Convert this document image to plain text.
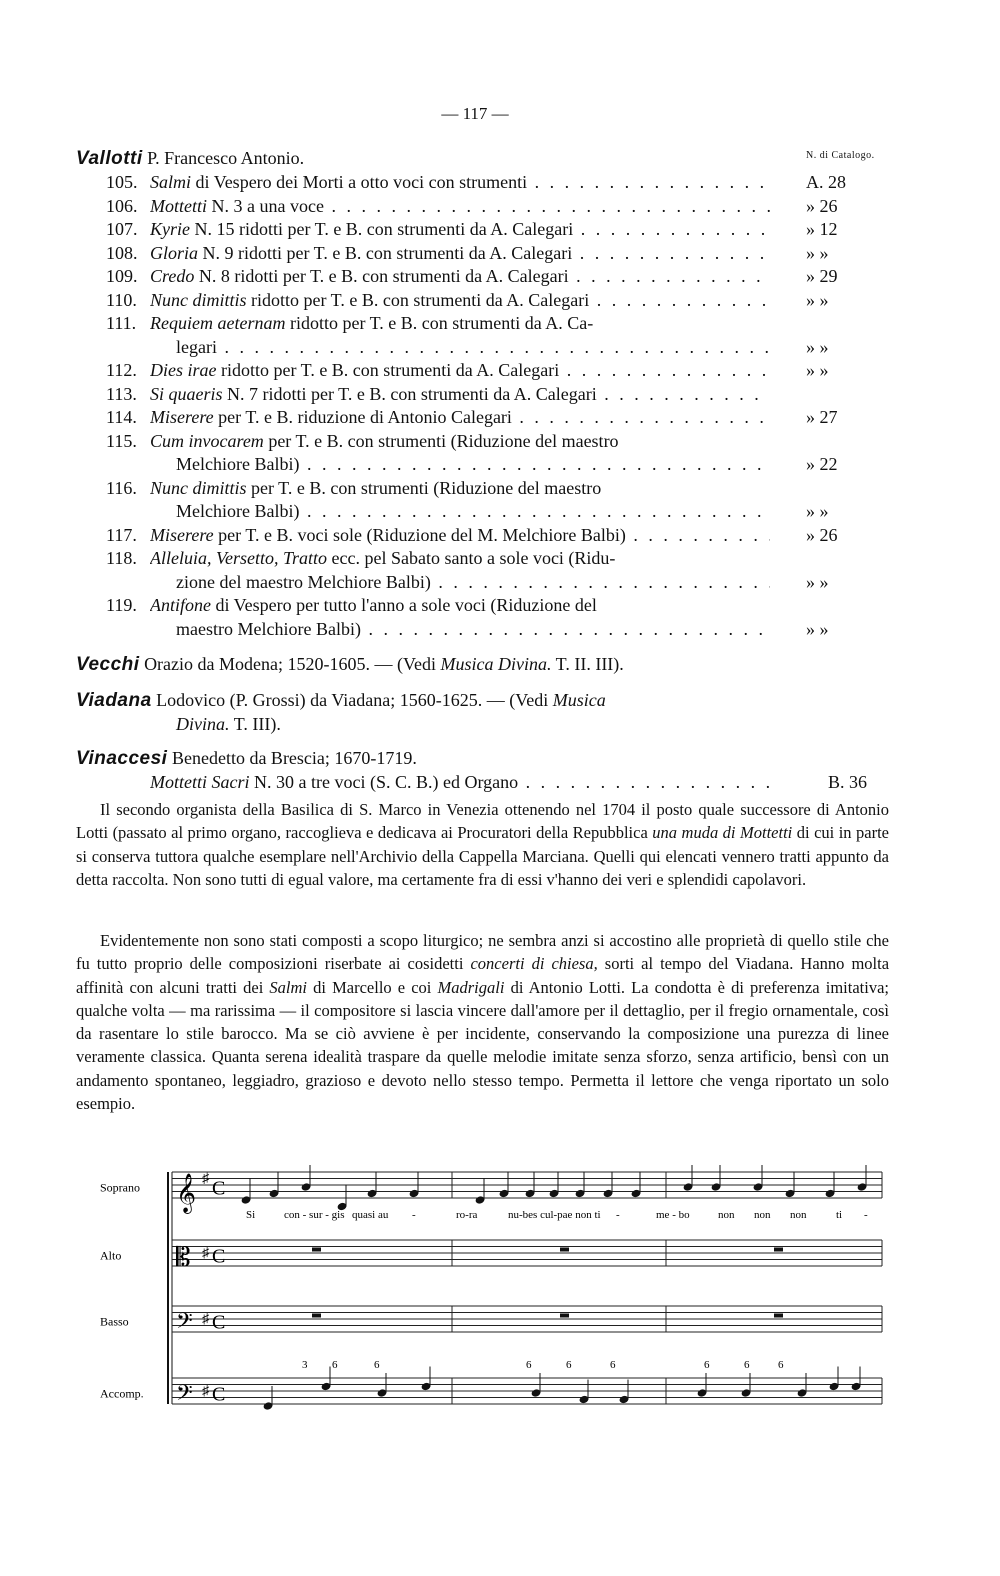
— 117 —
N. di Catalogo.
Vallotti P. Francesco Antonio.
105. Salmi di Vespero dei Morti a otto voci con strumenti . . .	A. 28
106. Mottetti N. 3 a una voce . . .	» 26
107. Kyrie N. 15 ridotti per T. e B. con strumenti da A. Calegari . . .	» 12
108. Gloria N. 9 ridotti per T. e B. con strumenti da A. Calegari . . .	» »
109. Credo N. 8 ridotti per T. e B. con strumenti da A. Calegari . . .	» 29
110. Nunc dimittis ridotto per T. e B. con strumenti da A. Calegari . . .	» »
111. Requiem aeternam ridotto per T. e B. con strumenti da A. Ca-
legari . . .	» »
112. Dies irae ridotto per T. e B. con strumenti da A. Calegari . . .	» »
113. Si quaeris N. 7 ridotti per T. e B. con strumenti da A. Calegari . . .
114. Miserere per T. e B. riduzione di Antonio Calegari . . .	» 27
115. Cum invocarem per T. e B. con strumenti (Riduzione del maestro
Melchiore Balbi) . . .	» 22
116. Nunc dimittis per T. e B. con strumenti (Riduzione del maestro
Melchiore Balbi) . . .	» »
117. Miserere per T. e B. voci sole (Riduzione del M. Melchiore Balbi) . . .	» 26
118. Alleluia, Versetto, Tratto ecc. pel Sabato santo a sole voci (Ridu-
zione del maestro Melchiore Balbi) . . .	» »
119. Antifone di Vespero per tutto l'anno a sole voci (Riduzione del
maestro Melchiore Balbi) . . .	» »
Vecchi Orazio da Modena; 1520-1605. — (Vedi Musica Divina. T. II. III).
Viadana Lodovico (P. Grossi) da Viadana; 1560-1625. — (Vedi Musica
Divina. T. III).
Vinaccesi Benedetto da Brescia; 1670-1719.
Mottetti Sacri N. 30 a tre voci (S. C. B.) ed Organo . . .	B. 36

Il secondo organista della Basilica di S. Marco in Venezia ottenendo nel 1704 il posto quale successore di Antonio Lotti (passato al primo organo, raccoglieva e dedicava ai Procuratori della Repubblica una muda di Mottetti di cui in parte si conserva tuttora qualche esemplare nell'Archivio della Cappella Marciana. Quelli qui elencati vennero tratti appunto da detta raccolta. Non sono tutti di egual valore, ma certamente fra di essi v'hanno dei veri e splendidi capolavori.

Evidentemente non sono stati composti a scopo liturgico; ne sembra anzi si accostino alle proprietà di quello stile che fu tutto proprio delle composizioni riserbate ai cosidetti concerti di chiesa, sorti al tempo del Viadana. Hanno molta affinità con alcuni tratti dei Salmi di Marcello e coi Madrigali di Antonio Lotti. La condotta è di preferenza imitativa; qualche volta — ma rarissima — il compositore si lascia vincere dall'amore per il dettaglio, per il fregio ornamentale, così da rasentare lo stile barocco. Ma se ciò avviene è per incidente, conservando la composizione una purezza di linee veramente classica. Quanta serena idealità traspare da quelle melodie imitate senza sforzo, senza artificio, bensì con un andamento spontaneo, leggiadro, grazioso e devoto nello stesso tempo. Permetta il lettore che venga riportato un solo esempio.

Soprano 𝄞 ♯ C
Alto 𝄡 ♯ C
Basso 𝄢 ♯ C
Accomp. 𝄢 ♯ C
Si	con - sur - gis quasi au -	ro-ra	nu-bes cul-pae non ti -	me - bo	non non non	ti -
3 6	6	6	6	6	6	6	6
